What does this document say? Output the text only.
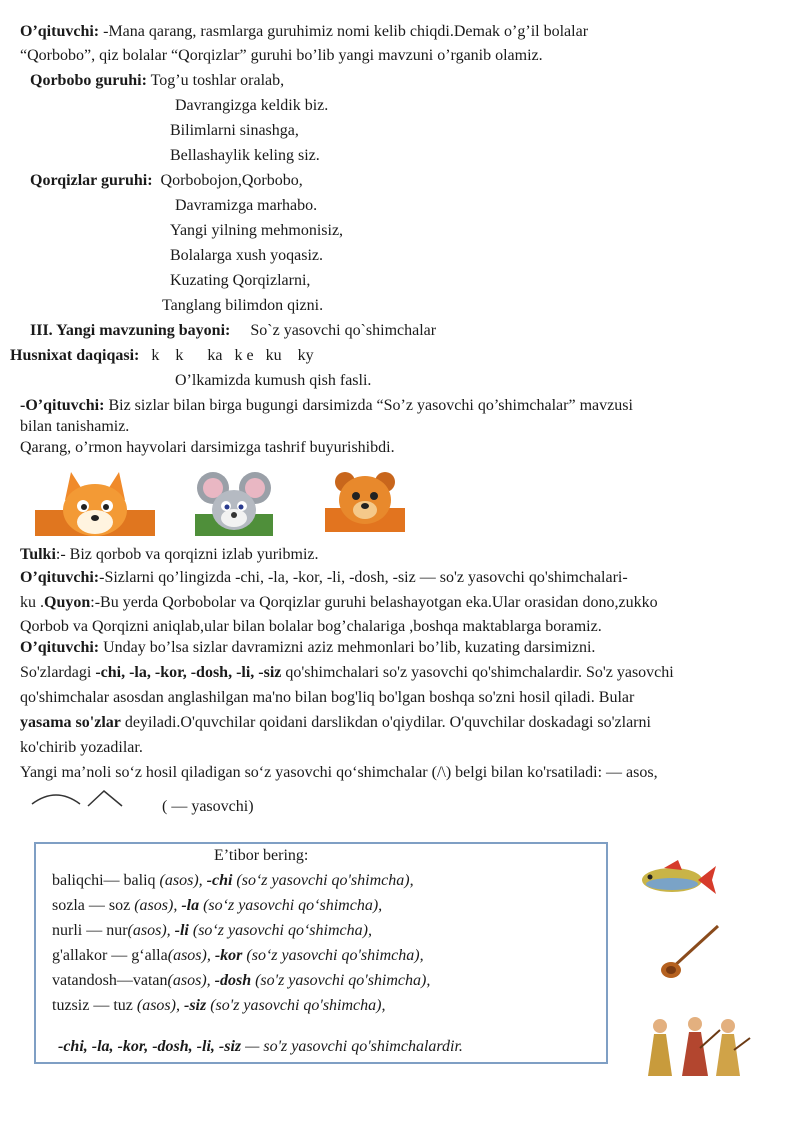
O’qituvchi: -Mana qarang, rasmlarga guruhimiz nomi kelib chiqdi.Demak o’g’il bolalar
“Qorbobo”, qiz bolalar “Qorqizlar” guruhi bo’lib yangi mavzuni o’rganib olamiz.
Qorbobo guruhi: Tog’u toshlar oralab,
Davrangizga keldik biz.
Bilimlarni sinashga,
Bellashaylik keling siz.
Qorqizlar guruhi: Qorbobojon,Qorbobo,
Davramizga marhabo.
Yangi yilning mehmonisiz,
Bolalarga xush yoqasiz.
Kuzating Qorqizlarni,
Tanglang bilimdon qizni.
III. Yangi mavzuning bayoni: So`z yasovchi qo`shimchalar
Husnixat daqiqasi: k    k      ka   k e   ku    ky
O’lkamizda kumush qish fasli.
-O’qituvchi: Biz sizlar bilan birga bugungi darsimizda “So’z yasovchi qo’shimchalar” mavzusi
bilan tanishamiz.
Qarang, o’rmon hayvolari darsimizga tashrif buyurishibdi.
Tulki:- Biz qorbob va qorqizni izlab yuribmiz.
O’qituvchi:-Sizlarni qo’lingizda -chi, -la, -kor, -li, -dosh, -siz — so'z yasovchi qo'shimchalari-
ku .Quyon:-Bu yerda Qorbobolar va Qorqizlar guruhi belashayotgan eka.Ular orasidan dono,zukko
Qorbob va Qorqizni aniqlab,ular bilan bolalar bog’chalariga ,boshqa maktablarga boramiz.
O’qituvchi: Unday bo’lsa sizlar davramizni aziz mehmonlari bo’lib, kuzating darsimizni.
So'zlardagi -chi, -la, -kor, -dosh, -li, -siz qo'shimchalari so'z yasovchi qo'shimchalardir. So'z yasovchi
qo'shimchalar asosdan anglashilgan ma'no bilan bog'liq bo'lgan boshqa so'zni hosil qiladi. Bular
yasama so'zlar deyiladi.O'quvchilar qoidani darslikdan o'qiydilar. O'quvchilar doskadagi so'zlarni
ko'chirib yozadilar.
Yangi ma’noli so‘z hosil qiladigan so‘z yasovchi qo‘shimchalar (/\) belgi bilan ko'rsatiladi: — asos,
( — yasovchi)
E’tibor bering:
baliqchi— baliq (asos), -chi (so‘z yasovchi qo'shimcha),
sozla — soz (asos), -la (so‘z yasovchi qo‘shimcha),
nurli — nur(asos), -li (so‘z yasovchi qo‘shimcha),
g'allakor — g‘alla(asos), -kor (so‘z yasovchi qo'shimcha),
vatandosh—vatan(asos), -dosh (so'z yasovchi qo'shimcha),
tuzsiz — tuz (asos), -siz (so'z yasovchi qo'shimcha),
-chi, -la, -kor, -dosh, -li, -siz — so'z yasovchi qo'shimchalardir.
